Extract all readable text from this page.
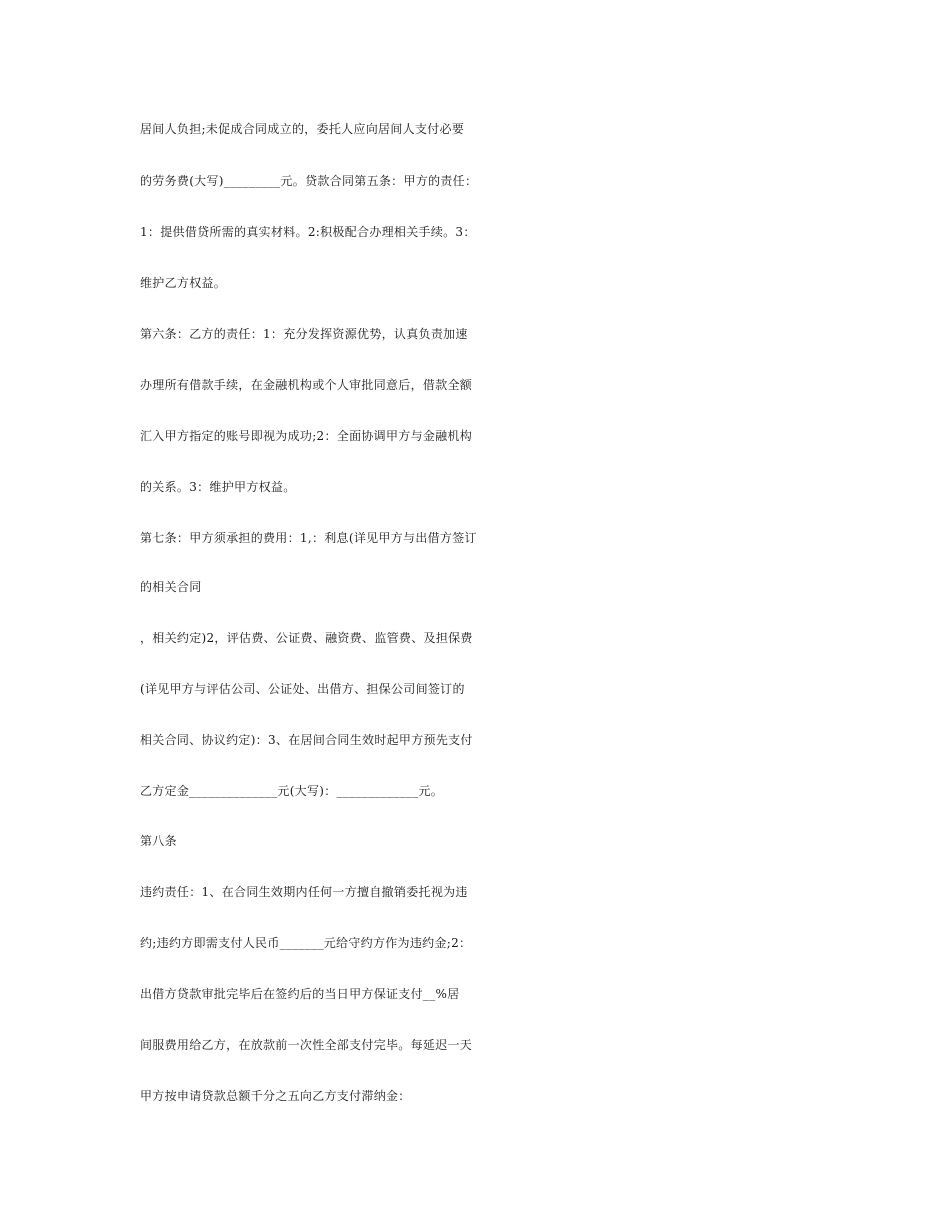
居间人负担;未促成合同成立的，委托人应向居间人支付必要
的劳务费(大写)_________元。贷款合同第五条：甲方的责任：
1：提供借贷所需的真实材料。2:积极配合办理相关手续。3：
维护乙方权益。
第六条：乙方的责任：1：充分发挥资源优势，认真负责加速
办理所有借款手续，在金融机构或个人审批同意后，借款全额
汇入甲方指定的账号即视为成功;2：全面协调甲方与金融机构
的关系。3：维护甲方权益。
第七条：甲方须承担的费用：1,：利息(详见甲方与出借方签订
的相关合同
，相关约定)2，评估费、公证费、融资费、监管费、及担保费
(详见甲方与评估公司、公证处、出借方、担保公司间签订的
相关合同、协议约定)：3、在居间合同生效时起甲方预先支付
乙方定金______________元(大写)：_____________元。
第八条
违约责任：1、在合同生效期内任何一方擅自撤销委托视为违
约;违约方即需支付人民币_______元给守约方作为违约金;2：
出借方贷款审批完毕后在签约后的当日甲方保证支付__%居
间服费用给乙方，在放款前一次性全部支付完毕。每延迟一天
甲方按申请贷款总额千分之五向乙方支付滞纳金：
